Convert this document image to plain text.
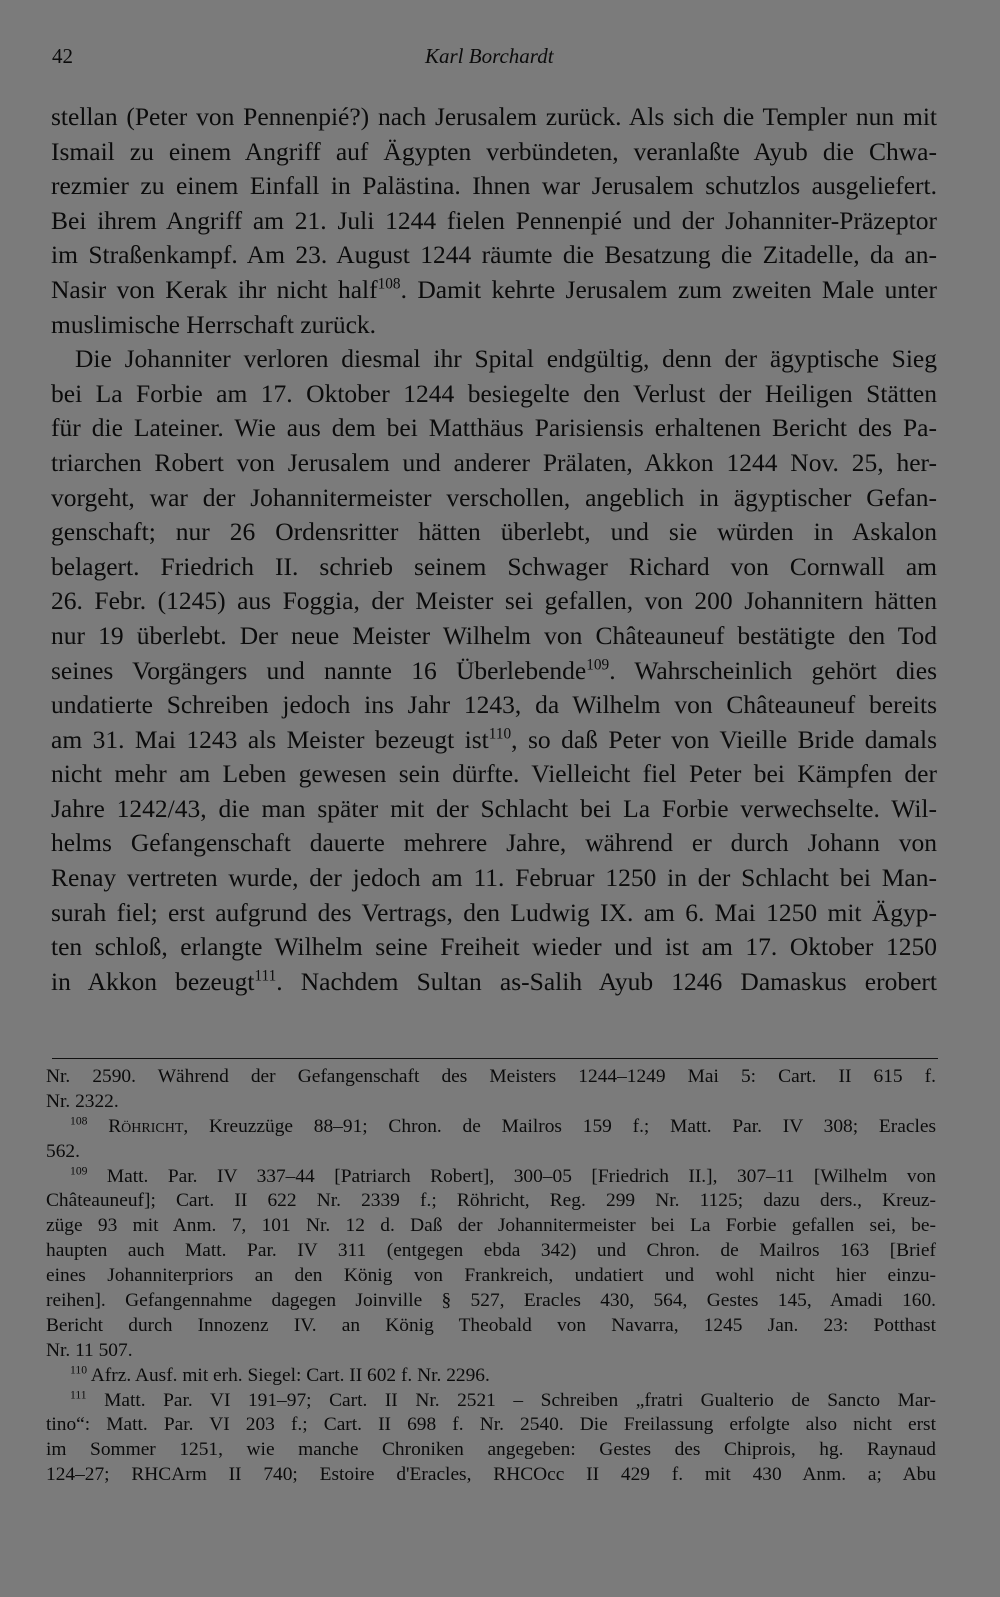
42	Karl Borchardt
stellan (Peter von Pennenpié?) nach Jerusalem zurück. Als sich die Templer nun mit
Ismail zu einem Angriff auf Ägypten verbündeten, veranlaßte Ayub die Chwa-
rezmier zu einem Einfall in Palästina. Ihnen war Jerusalem schutzlos ausgeliefert.
Bei ihrem Angriff am 21. Juli 1244 fielen Pennenpié und der Johanniter-Präzeptor
im Straßenkampf. Am 23. August 1244 räumte die Besatzung die Zitadelle, da an-
Nasir von Kerak ihr nicht half$^{108}$. Damit kehrte Jerusalem zum zweiten Male unter
muslimische Herrschaft zurück.
Die Johanniter verloren diesmal ihr Spital endgültig, denn der ägyptische Sieg
bei La Forbie am 17. Oktober 1244 besiegelte den Verlust der Heiligen Stätten
für die Lateiner. Wie aus dem bei Matthäus Parisiensis erhaltenen Bericht des Pa-
triarchen Robert von Jerusalem und anderer Prälaten, Akkon 1244 Nov. 25, her-
vorgeht, war der Johannitermeister verschollen, angeblich in ägyptischer Gefan-
genschaft; nur 26 Ordensritter hätten überlebt, und sie würden in Askalon
belagert. Friedrich II. schrieb seinem Schwager Richard von Cornwall am
26. Febr. (1245) aus Foggia, der Meister sei gefallen, von 200 Johannitern hätten
nur 19 überlebt. Der neue Meister Wilhelm von Châteauneuf bestätigte den Tod
seines Vorgängers und nannte 16 Überlebende$^{109}$. Wahrscheinlich gehört dies
undatierte Schreiben jedoch ins Jahr 1243, da Wilhelm von Châteauneuf bereits
am 31. Mai 1243 als Meister bezeugt ist$^{110}$, so daß Peter von Vieille Bride damals
nicht mehr am Leben gewesen sein dürfte. Vielleicht fiel Peter bei Kämpfen der
Jahre 1242/43, die man später mit der Schlacht bei La Forbie verwechselte. Wil-
helms Gefangenschaft dauerte mehrere Jahre, während er durch Johann von
Renay vertreten wurde, der jedoch am 11. Februar 1250 in der Schlacht bei Man-
surah fiel; erst aufgrund des Vertrags, den Ludwig IX. am 6. Mai 1250 mit Ägyp-
ten schloß, erlangte Wilhelm seine Freiheit wieder und ist am 17. Oktober 1250
in Akkon bezeugt$^{111}$. Nachdem Sultan as-Salih Ayub 1246 Damaskus erobert
Nr. 2590. Während der Gefangenschaft des Meisters 1244–1249 Mai 5: Cart. II 615 f.
Nr. 2322.
$^{108}$ Röhricht, Kreuzzüge 88–91; Chron. de Mailros 159 f.; Matt. Par. IV 308; Eracles
562.
$^{109}$ Matt. Par. IV 337–44 [Patriarch Robert], 300–05 [Friedrich II.], 307–11 [Wilhelm von
Châteauneuf]; Cart. II 622 Nr. 2339 f.; Röhricht, Reg. 299 Nr. 1125; dazu ders., Kreuz-
züge 93 mit Anm. 7, 101 Nr. 12 d. Daß der Johannitermeister bei La Forbie gefallen sei, be-
haupten auch Matt. Par. IV 311 (entgegen ebda 342) und Chron. de Mailros 163 [Brief
eines Johanniterpriors an den König von Frankreich, undatiert und wohl nicht hier einzu-
reihen]. Gefangennahme dagegen Joinville § 527, Eracles 430, 564, Gestes 145, Amadi 160.
Bericht durch Innozenz IV. an König Theobald von Navarra, 1245 Jan. 23: Potthast
Nr. 11 507.
$^{110}$ Afrz. Ausf. mit erh. Siegel: Cart. II 602 f. Nr. 2296.
$^{111}$ Matt. Par. VI 191–97; Cart. II Nr. 2521 – Schreiben „fratri Gualterio de Sancto Mar-
tino“: Matt. Par. VI 203 f.; Cart. II 698 f. Nr. 2540. Die Freilassung erfolgte also nicht erst
im Sommer 1251, wie manche Chroniken angegeben: Gestes des Chiprois, hg. Raynaud
124–27; RHCArm II 740; Estoire d'Eracles, RHCOcc II 429 f. mit 430 Anm. a; Abu
